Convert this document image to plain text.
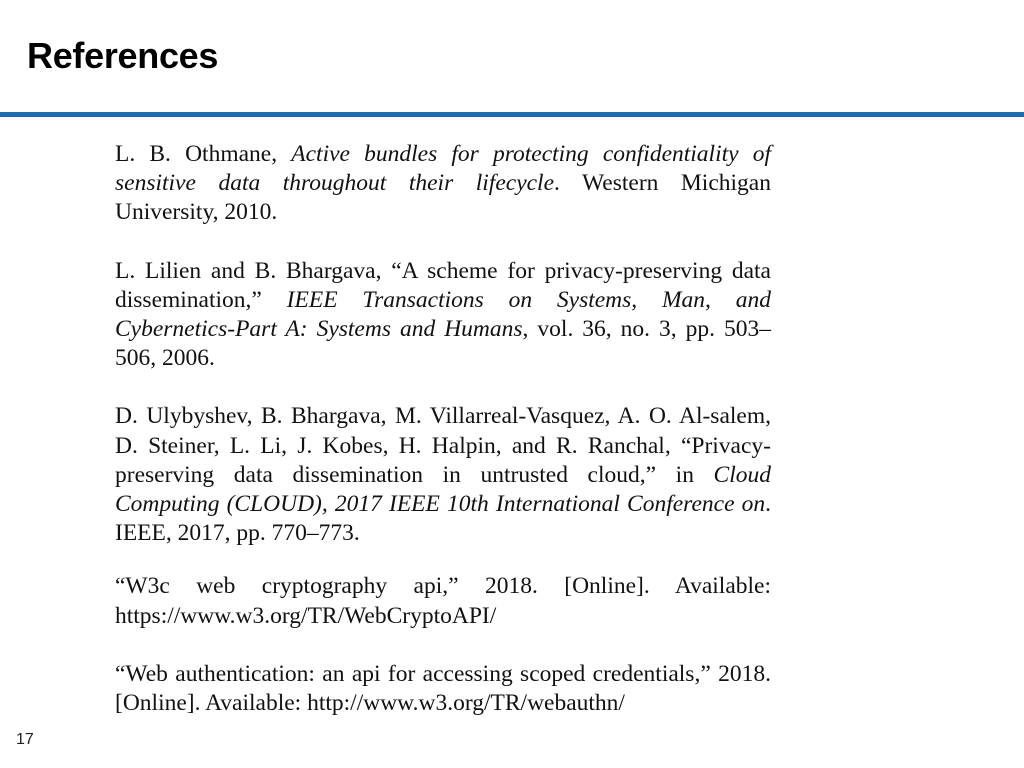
References

L. B. Othmane, Active bundles for protecting confidentiality of sensitive data throughout their lifecycle. Western Michigan University, 2010.

L. Lilien and B. Bhargava, “A scheme for privacy-preserving data dissemination,” IEEE Transactions on Systems, Man, and Cybernetics-Part A: Systems and Humans, vol. 36, no. 3, pp. 503–506, 2006.

D. Ulybyshev, B. Bhargava, M. Villarreal-Vasquez, A. O. Al-salem, D. Steiner, L. Li, J. Kobes, H. Halpin, and R. Ranchal, “Privacy-preserving data dissemination in untrusted cloud,” in Cloud Computing (CLOUD), 2017 IEEE 10th International Conference on. IEEE, 2017, pp. 770–773.

“W3c web cryptography api,” 2018. [Online]. Available: https://www.w3.org/TR/WebCryptoAPI/

“Web authentication: an api for accessing scoped credentials,” 2018. [Online]. Available: http://www.w3.org/TR/webauthn/

17
